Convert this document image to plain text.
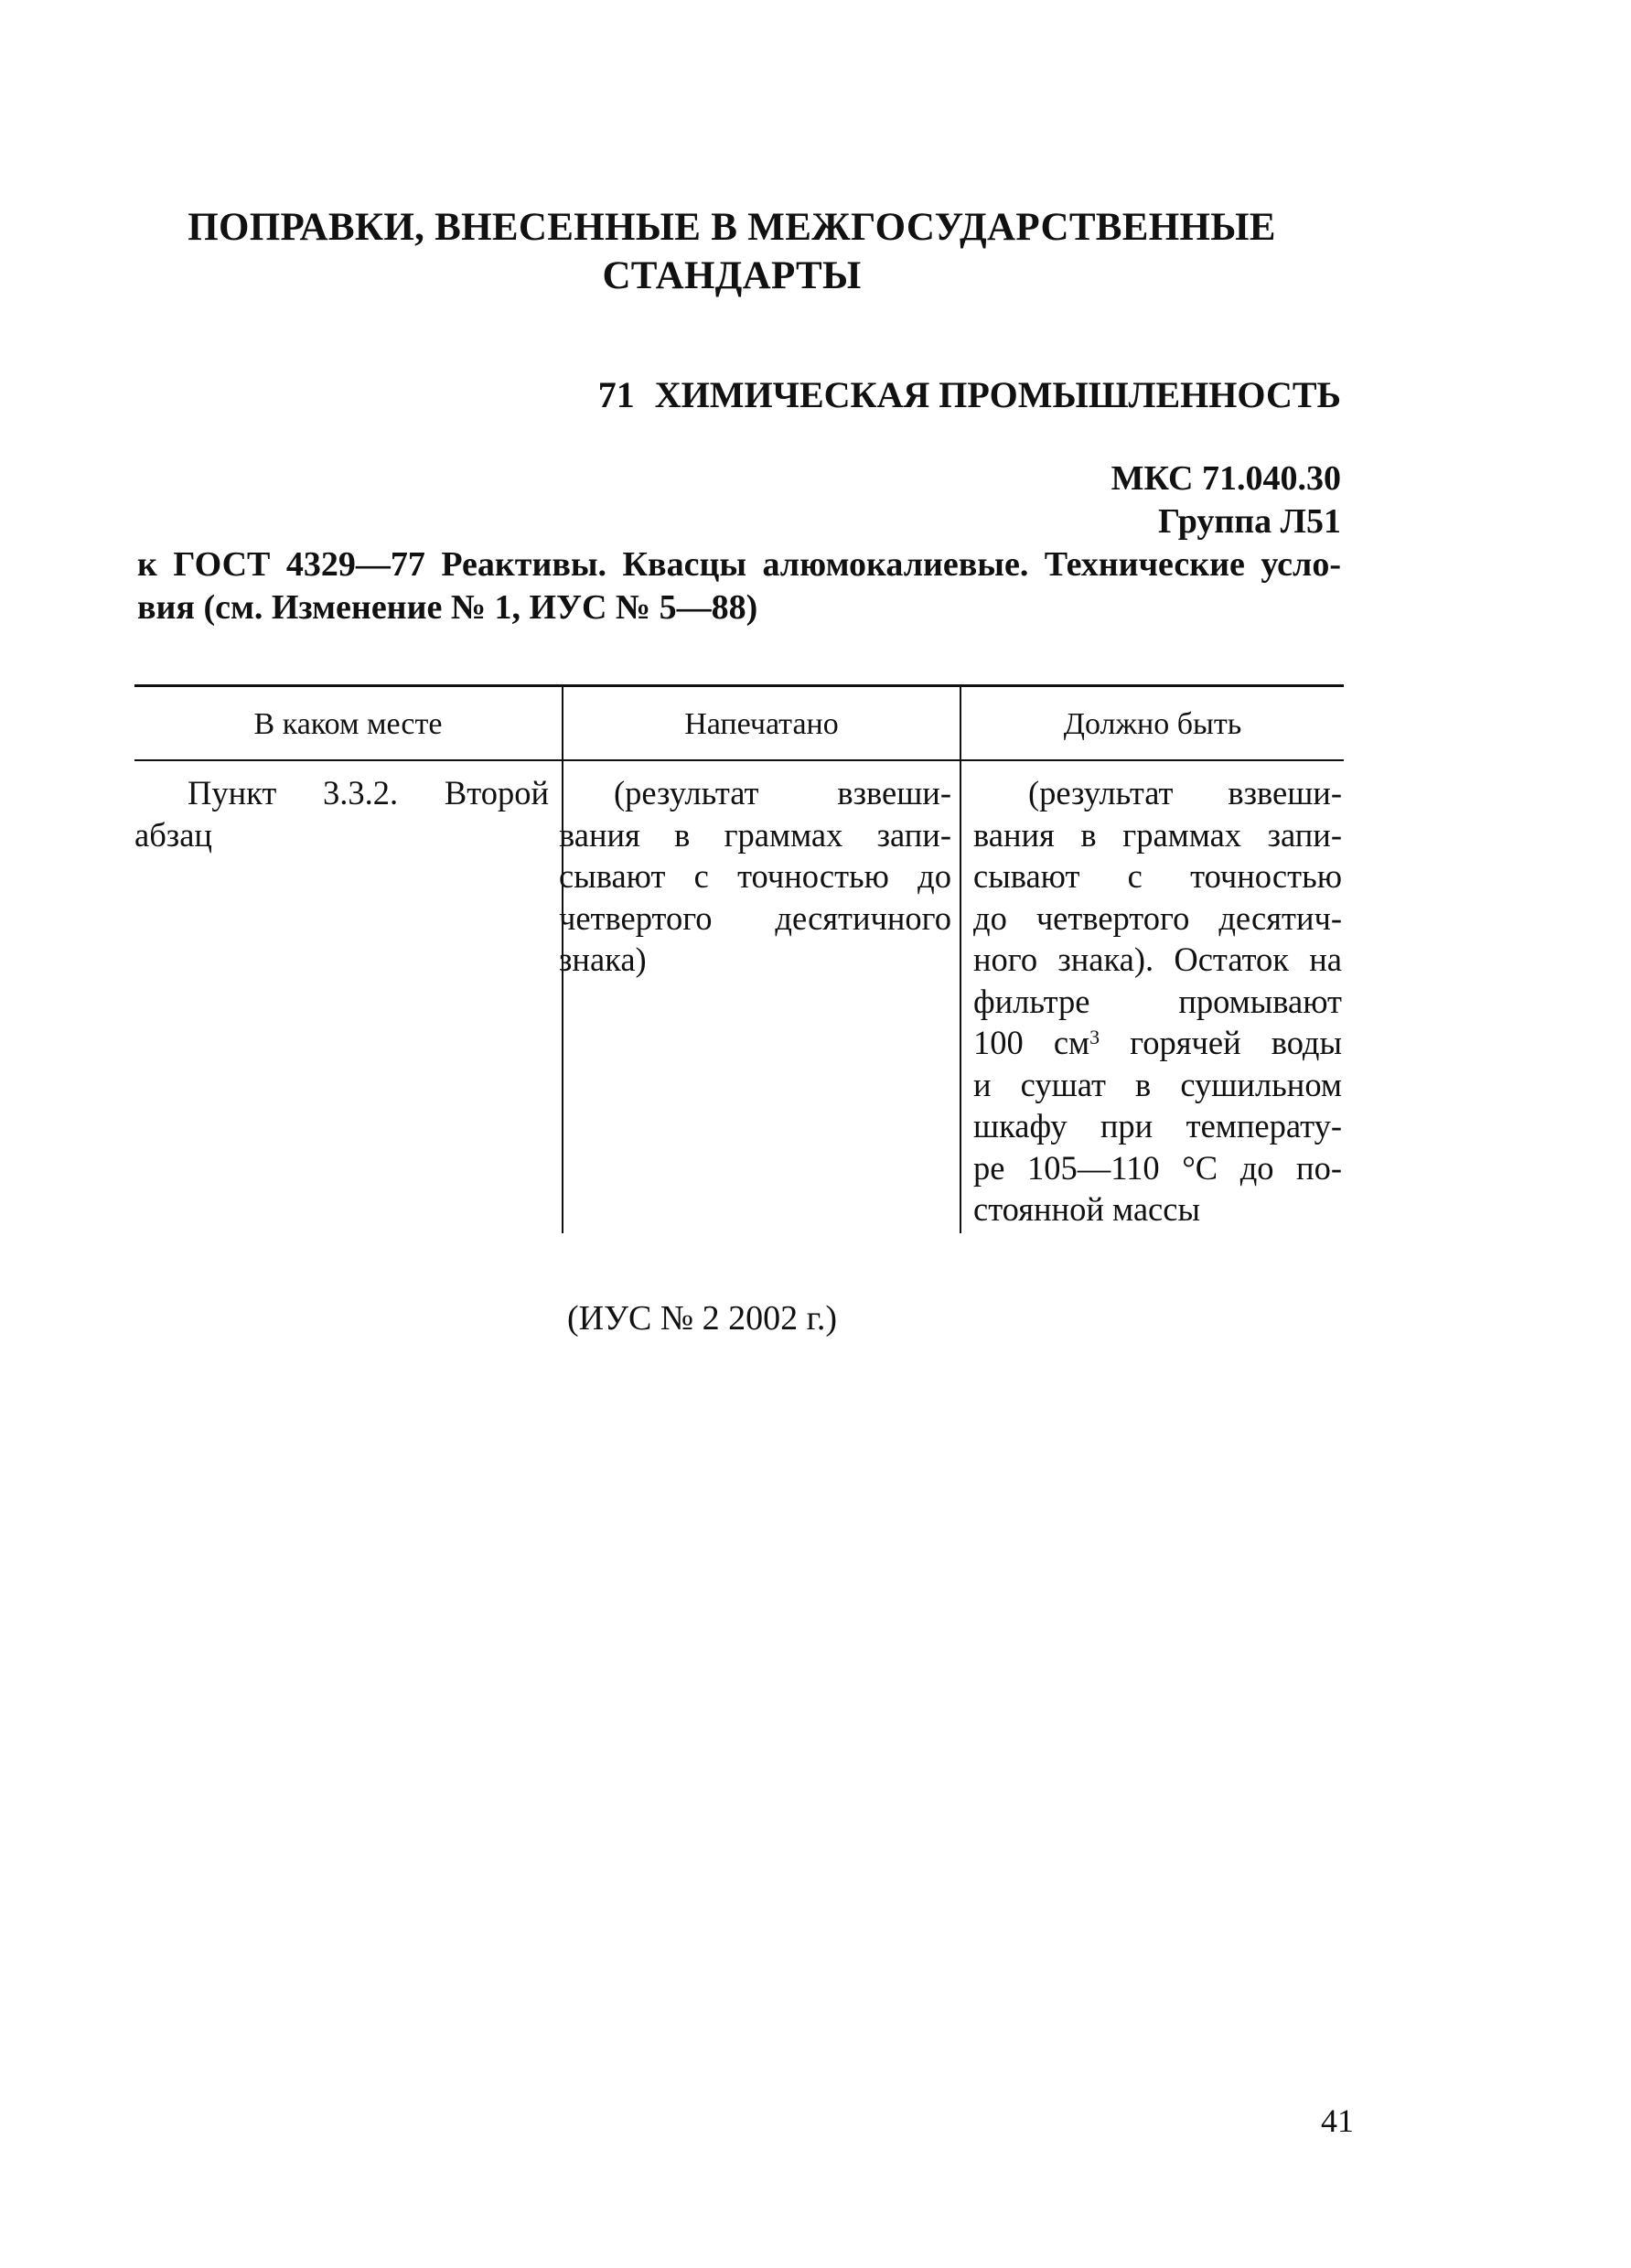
ПОПРАВКИ, ВНЕСЕННЫЕ В МЕЖГОСУДАРСТВЕННЫЕ
СТАНДАРТЫ
71 ХИМИЧЕСКАЯ ПРОМЫШЛЕННОСТЬ
МКС 71.040.30
Группа Л51
к ГОСТ 4329—77 Реактивы. Квасцы алюмокалиевые. Технические усло-
вия (см. Изменение № 1, ИУС № 5—88)
В каком месте	Напечатано	Должно быть
Пункт 3.3.2. Второй
абзац
(результат взвеши-
вания в граммах запи-
сывают с точностью до
четвертого десятичного
знака)
(результат взвеши-
вания в граммах запи-
сывают с точностью
до четвертого десятич-
ного знака). Остаток на
фильтре промывают
100 $см^3$ горячей воды
и сушат в сушильном
шкафу при температу-
ре 105—110 °С до по-
стоянной массы
(ИУС № 2 2002 г.)
41
